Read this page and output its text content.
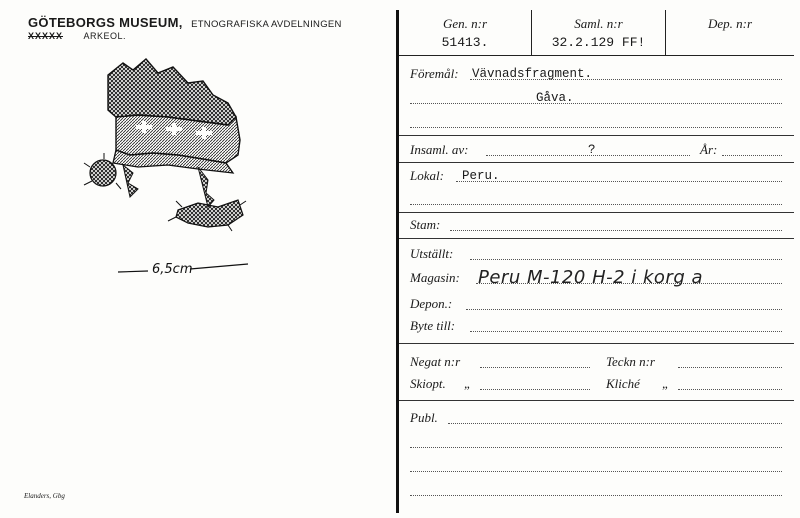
GÖTEBORGS MUSEUM, ETNOGRAFISKA AVDELNINGEN
XXXXX ARKEOL.
6,5cm
Elanders, Gbg
Gen. n:r
51413.
Saml. n:r
32.2.129 FF!
Dep. n:r
Föremål: Vävnadsfragment.
Gåva.
Insaml. av:	?	År:
Lokal: Peru.
Stam:
Utställt:
Magasin: Peru M-120 H-2 i korg a
Depon.:
Byte till:
Negat n:r	Teckn n:r
Skiopt. „	Kliché „
Publ.
